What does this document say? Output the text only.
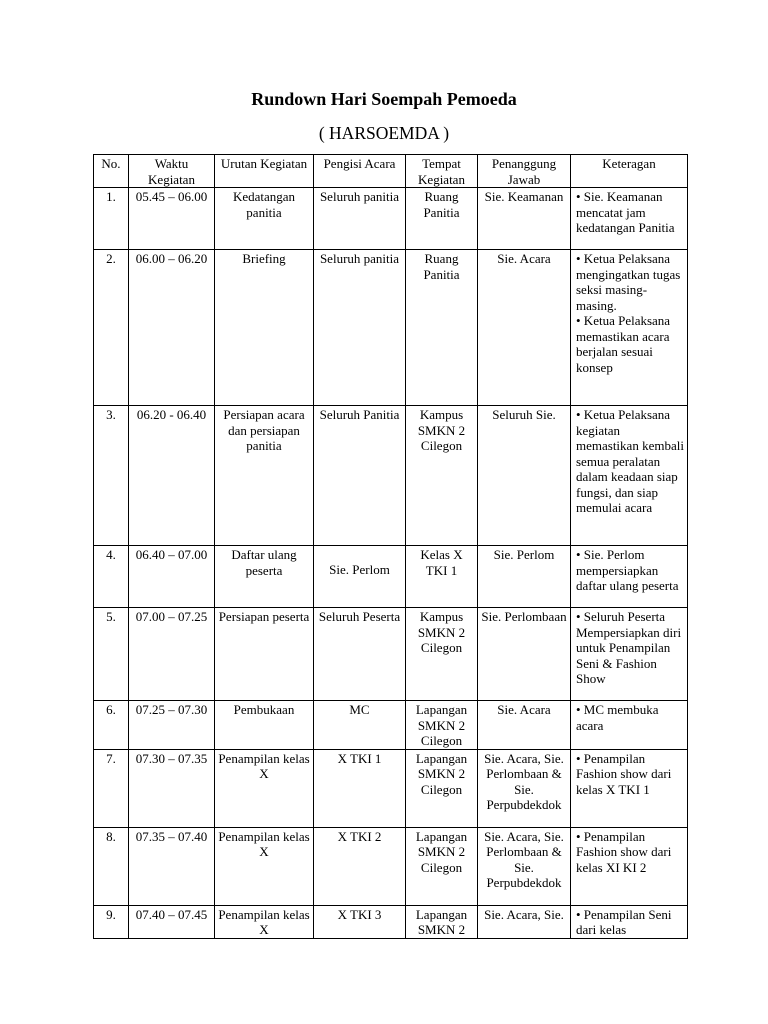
Rundown Hari Soempah Pemoeda
( HARSOEMDA )
No.	Waktu Kegiatan	Urutan Kegiatan	Pengisi Acara	Tempat Kegiatan	Penanggung Jawab	Keteragan
1.	05.45 – 06.00	Kedatangan panitia	Seluruh panitia	Ruang Panitia	Sie. Keamanan	• Sie. Keamanan mencatat jam kedatangan Panitia

2.	06.00 – 06.20	Briefing	Seluruh panitia	Ruang Panitia	Sie. Acara	• Ketua Pelaksana mengingatkan tugas seksi masing-masing.
• Ketua Pelaksana memastikan acara berjalan sesuai konsep

3.	06.20 - 06.40	Persiapan acara dan persiapan panitia	Seluruh Panitia	Kampus SMKN 2 Cilegon	Seluruh Sie.	• Ketua Pelaksana kegiatan memastikan kembali semua peralatan dalam keadaan siap fungsi, dan siap memulai acara

4.	06.40 – 07.00	Daftar ulang peserta	Sie. Perlom	Kelas X TKI 1	Sie. Perlom	• Sie. Perlom mempersiapkan daftar ulang peserta

5.	07.00 – 07.25	Persiapan peserta	Seluruh Peserta	Kampus SMKN 2 Cilegon	Sie. Perlombaan	• Seluruh Peserta Mempersiapkan diri untuk Penampilan Seni & Fashion Show

6.	07.25 – 07.30	Pembukaan	MC	Lapangan SMKN 2 Cilegon	Sie. Acara	• MC membuka acara

7.	07.30 – 07.35	Penampilan kelas X	X TKI 1	Lapangan SMKN 2 Cilegon	Sie. Acara, Sie. Perlombaan & Sie. Perpubdekdok	• Penampilan Fashion show dari kelas X TKI 1

8.	07.35 – 07.40	Penampilan kelas X	X TKI 2	Lapangan SMKN 2 Cilegon	Sie. Acara, Sie. Perlombaan & Sie. Perpubdekdok	• Penampilan Fashion show dari kelas XI KI 2

9.	07.40 – 07.45	Penampilan kelas X	X TKI 3	Lapangan SMKN 2	Sie. Acara, Sie.	• Penampilan Seni dari kelas
